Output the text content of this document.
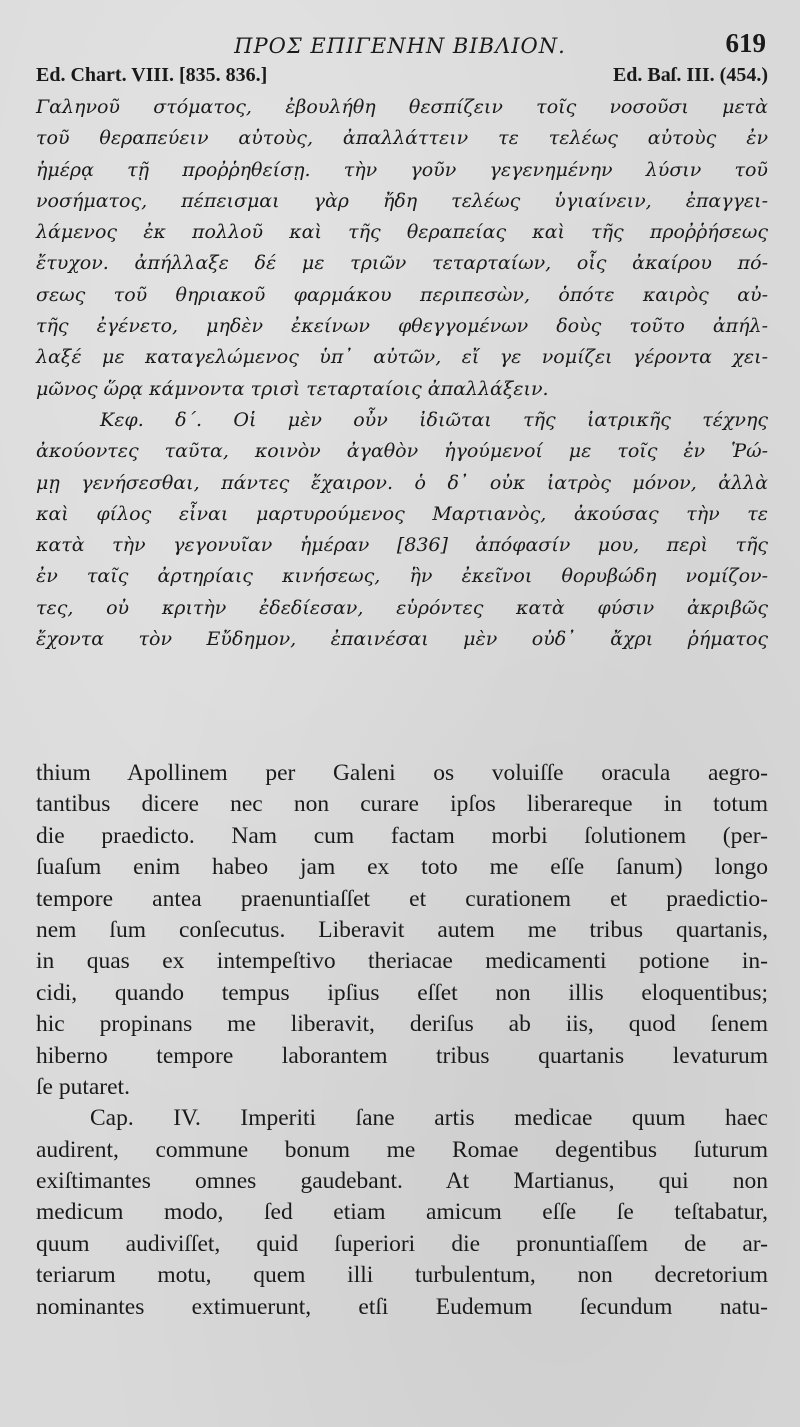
ΠΡΟΣ ΕΠΙΓΕΝΗΝ ΒΙΒΛΙΟΝ.	619
Ed. Chart. VIII. [835. 836.]	Ed. Baſ. III. (454.)
Γαληνοῦ στόματος, ἐβουλήθη θεσπίζειν τοῖς νοσοῦσι μετὰ
τοῦ θεραπεύειν αὐτοὺς, ἀπαλλάττειν τε τελέως αὐτοὺς ἐν
ἡμέρᾳ τῇ προῤῥηθείσῃ. τὴν γοῦν γεγενημένην λύσιν τοῦ
νοσήματος, πέπεισμαι γὰρ ἤδη τελέως ὑγιαίνειν, ἐπαγγει-
λάμενος ἐκ πολλοῦ καὶ τῆς θεραπείας καὶ τῆς προῤῥήσεως
ἔτυχον. ἀπήλλαξε δέ με τριῶν τεταρταίων, οἷς ἀκαίρου πό-
σεως τοῦ θηριακοῦ φαρμάκου περιπεσὼν, ὁπότε καιρὸς αὐ-
τῆς ἐγένετο, μηδὲν ἐκείνων φθεγγομένων δοὺς τοῦτο ἀπήλ-
λαξέ με καταγελώμενος ὑπ᾽ αὐτῶν, εἴ γε νομίζει γέροντα χει-
μῶνος ὥρᾳ κάμνοντα τρισὶ τεταρταίοις ἀπαλλάξειν.
Κεφ. δ΄. Οἱ μὲν οὖν ἰδιῶται τῆς ἰατρικῆς τέχνης
ἀκούοντες ταῦτα, κοινὸν ἀγαθὸν ἡγούμενοί με τοῖς ἐν Ῥώ-
μῃ γενήσεσθαι, πάντες ἔχαιρον. ὁ δ᾽ οὐκ ἰατρὸς μόνον, ἀλλὰ
καὶ φίλος εἶναι μαρτυρούμενος Μαρτιανὸς, ἀκούσας τὴν τε
κατὰ τὴν γεγονυῖαν ἡμέραν [836] ἀπόφασίν μου, περὶ τῆς
ἐν ταῖς ἀρτηρίαις κινήσεως, ἣν ἐκεῖνοι θορυβώδη νομίζον-
τες, οὐ κριτὴν ἐδεδίεσαν, εὑρόντες κατὰ φύσιν ἀκριβῶς
ἔχοντα τὸν Εὔδημον, ἐπαινέσαι μὲν οὐδ᾽ ἄχρι ῥήματος
thium Apollinem per Galeni os voluiſſe oracula aegro-
tantibus dicere nec non curare ipſos liberareque in totum
die praedicto. Nam cum factam morbi ſolutionem (per-
ſuaſum enim habeo jam ex toto me eſſe ſanum) longo
tempore antea praenuntiaſſet et curationem et praedictio-
nem ſum conſecutus. Liberavit autem me tribus quartanis,
in quas ex intempeſtivo theriacae medicamenti potione in-
cidi, quando tempus ipſius eſſet non illis eloquentibus;
hic propinans me liberavit, deriſus ab iis, quod ſenem
hiberno tempore laborantem tribus quartanis levaturum
ſe putaret.
Cap. IV. Imperiti ſane artis medicae quum haec
audirent, commune bonum me Romae degentibus ſuturum
exiſtimantes omnes gaudebant. At Martianus, qui non
medicum modo, ſed etiam amicum eſſe ſe teſtabatur,
quum audiviſſet, quid ſuperiori die pronuntiaſſem de ar-
teriarum motu, quem illi turbulentum, non decretorium
nominantes extimuerunt, etſi Eudemum ſecundum natu-
